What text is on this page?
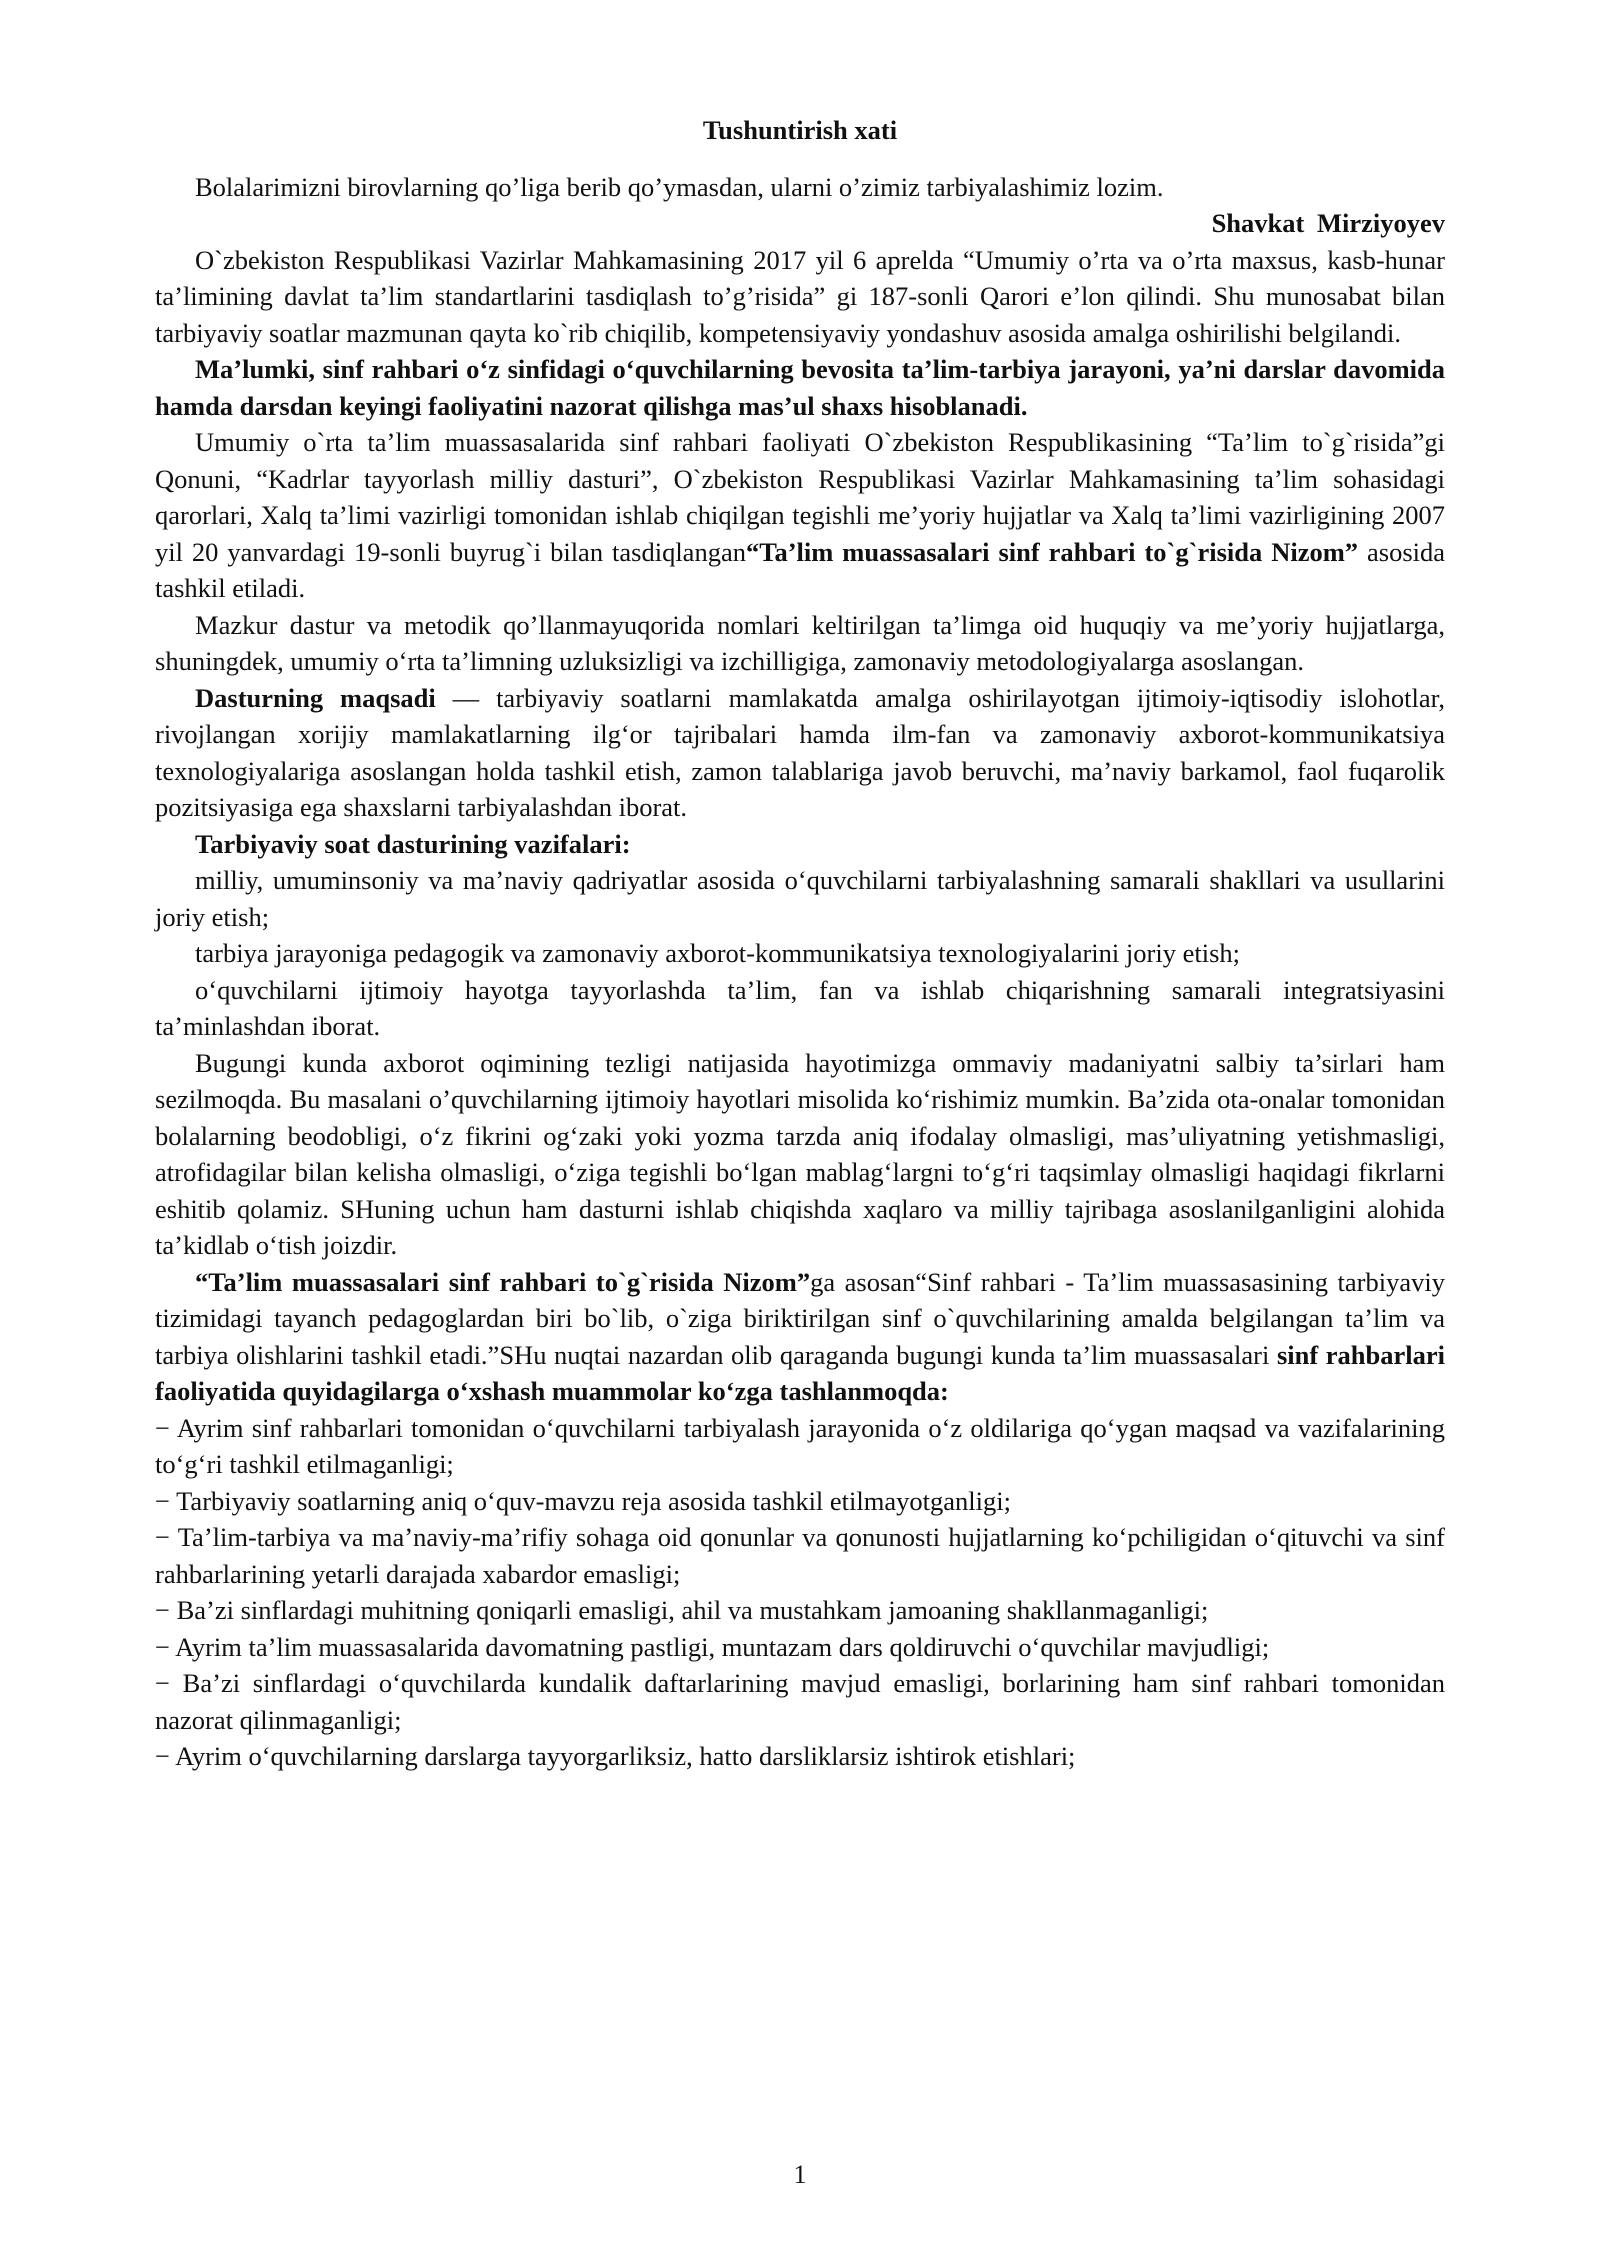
Tushuntirish xati

Bolalarimizni birovlarning qo’liga berib qo’ymasdan, ularni o’zimiz tarbiyalashimiz lozim.

Shavkat Mirziyoyev

O`zbekiston Respublikasi Vazirlar Mahkamasining 2017 yil 6 aprelda “Umumiy o’rta va o’rta maxsus, kasb-hunar ta’limining davlat ta’lim standartlarini tasdiqlash to’g’risida” gi 187-sonli Qarori e’lon qilindi. Shu munosabat bilan tarbiyaviy soatlar mazmunan qayta ko`rib chiqilib, kompetensiyaviy yondashuv asosida amalga oshirilishi belgilandi.

Ma’lumki, sinf rahbari o‘z sinfidagi o‘quvchilarning bevosita ta’lim-tarbiya jarayoni, ya’ni darslar davomida hamda darsdan keyingi faoliyatini nazorat qilishga mas’ul shaxs hisoblanadi.

Umumiy o`rta ta’lim muassasalarida sinf rahbari faoliyati O`zbekiston Respublikasining “Ta’lim to`g`risida”gi Qonuni, “Kadrlar tayyorlash milliy dasturi”, O`zbekiston Respublikasi Vazirlar Mahkamasining ta’lim sohasidagi qarorlari, Xalq ta’limi vazirligi tomonidan ishlab chiqilgan tegishli me’yoriy hujjatlar va Xalq ta’limi vazirligining 2007 yil 20 yanvardagi 19-sonli buyrug`i bilan tasdiqlangan“Ta’lim muassasalari sinf rahbari to`g`risida Nizom” asosida tashkil etiladi.

Mazkur dastur va metodik qo’llanmayuqorida nomlari keltirilgan ta’limga oid huquqiy va me’yoriy hujjatlarga, shuningdek, umumiy o‘rta ta’limning uzluksizligi va izchilligiga, zamonaviy metodologiyalarga asoslangan.

Dasturning maqsadi — tarbiyaviy soatlarni mamlakatda amalga oshirilayotgan ijtimoiy-iqtisodiy islohotlar, rivojlangan xorijiy mamlakatlarning ilg‘or tajribalari hamda ilm-fan va zamonaviy axborot-kommunikatsiya texnologiyalariga asoslangan holda tashkil etish, zamon talablariga javob beruvchi, ma’naviy barkamol, faol fuqarolik pozitsiyasiga ega shaxslarni tarbiyalashdan iborat.

Tarbiyaviy soat dasturining vazifalari:

milliy, umuminsoniy va ma’naviy qadriyatlar asosida o‘quvchilarni tarbiyalashning samarali shakllari va usullarini joriy etish;

tarbiya jarayoniga pedagogik va zamonaviy axborot-kommunikatsiya texnologiyalarini joriy etish;

o‘quvchilarni ijtimoiy hayotga tayyorlashda ta’lim, fan va ishlab chiqarishning samarali integratsiyasini ta’minlashdan iborat.

Bugungi kunda axborot oqimining tezligi natijasida hayotimizga ommaviy madaniyatni salbiy ta’sirlari ham sezilmoqda. Bu masalani o’quvchilarning ijtimoiy hayotlari misolida ko‘rishimiz mumkin. Ba’zida ota-onalar tomonidan bolalarning beodobligi, o‘z fikrini og‘zaki yoki yozma tarzda aniq ifodalay olmasligi, mas’uliyatning yetishmasligi, atrofidagilar bilan kelisha olmasligi, o‘ziga tegishli bo‘lgan mablag‘largni to‘g‘ri taqsimlay olmasligi haqidagi fikrlarni eshitib qolamiz. SHuning uchun ham dasturni ishlab chiqishda xaqlaro va milliy tajribaga asoslanilganligini alohida ta’kidlab o‘tish joizdir.

“Ta’lim muassasalari sinf rahbari to`g`risida Nizom”ga asosan“Sinf rahbari - Ta’lim muassasasining tarbiyaviy tizimidagi tayanch pedagoglardan biri bo`lib, o`ziga biriktirilgan sinf o`quvchilarining amalda belgilangan ta’lim va tarbiya olishlarini tashkil etadi.”SHu nuqtai nazardan olib qaraganda bugungi kunda ta’lim muassasalari sinf rahbarlari faoliyatida quyidagilarga o‘xshash muammolar ko‘zga tashlanmoqda:

− Ayrim sinf rahbarlari tomonidan o‘quvchilarni tarbiyalash jarayonida o‘z oldilariga qo‘ygan maqsad va vazifalarining to‘g‘ri tashkil etilmaganligi;

− Tarbiyaviy soatlarning aniq o‘quv-mavzu reja asosida tashkil etilmayotganligi;

− Ta’lim-tarbiya va ma’naviy-ma’rifiy sohaga oid qonunlar va qonunosti hujjatlarning ko‘pchiligidan o‘qituvchi va sinf rahbarlarining yetarli darajada xabardor emasligi;

− Ba’zi sinflardagi muhitning qoniqarli emasligi, ahil va mustahkam jamoaning shakllanmaganligi;

− Ayrim ta’lim muassasalarida davomatning pastligi, muntazam dars qoldiruvchi o‘quvchilar mavjudligi;

− Ba’zi sinflardagi o‘quvchilarda kundalik daftarlarining mavjud emasligi, borlarining ham sinf rahbari tomonidan nazorat qilinmaganligi;

− Ayrim o‘quvchilarning darslarga tayyorgarliksiz, hatto darsliklarsiz ishtirok etishlari;

1
